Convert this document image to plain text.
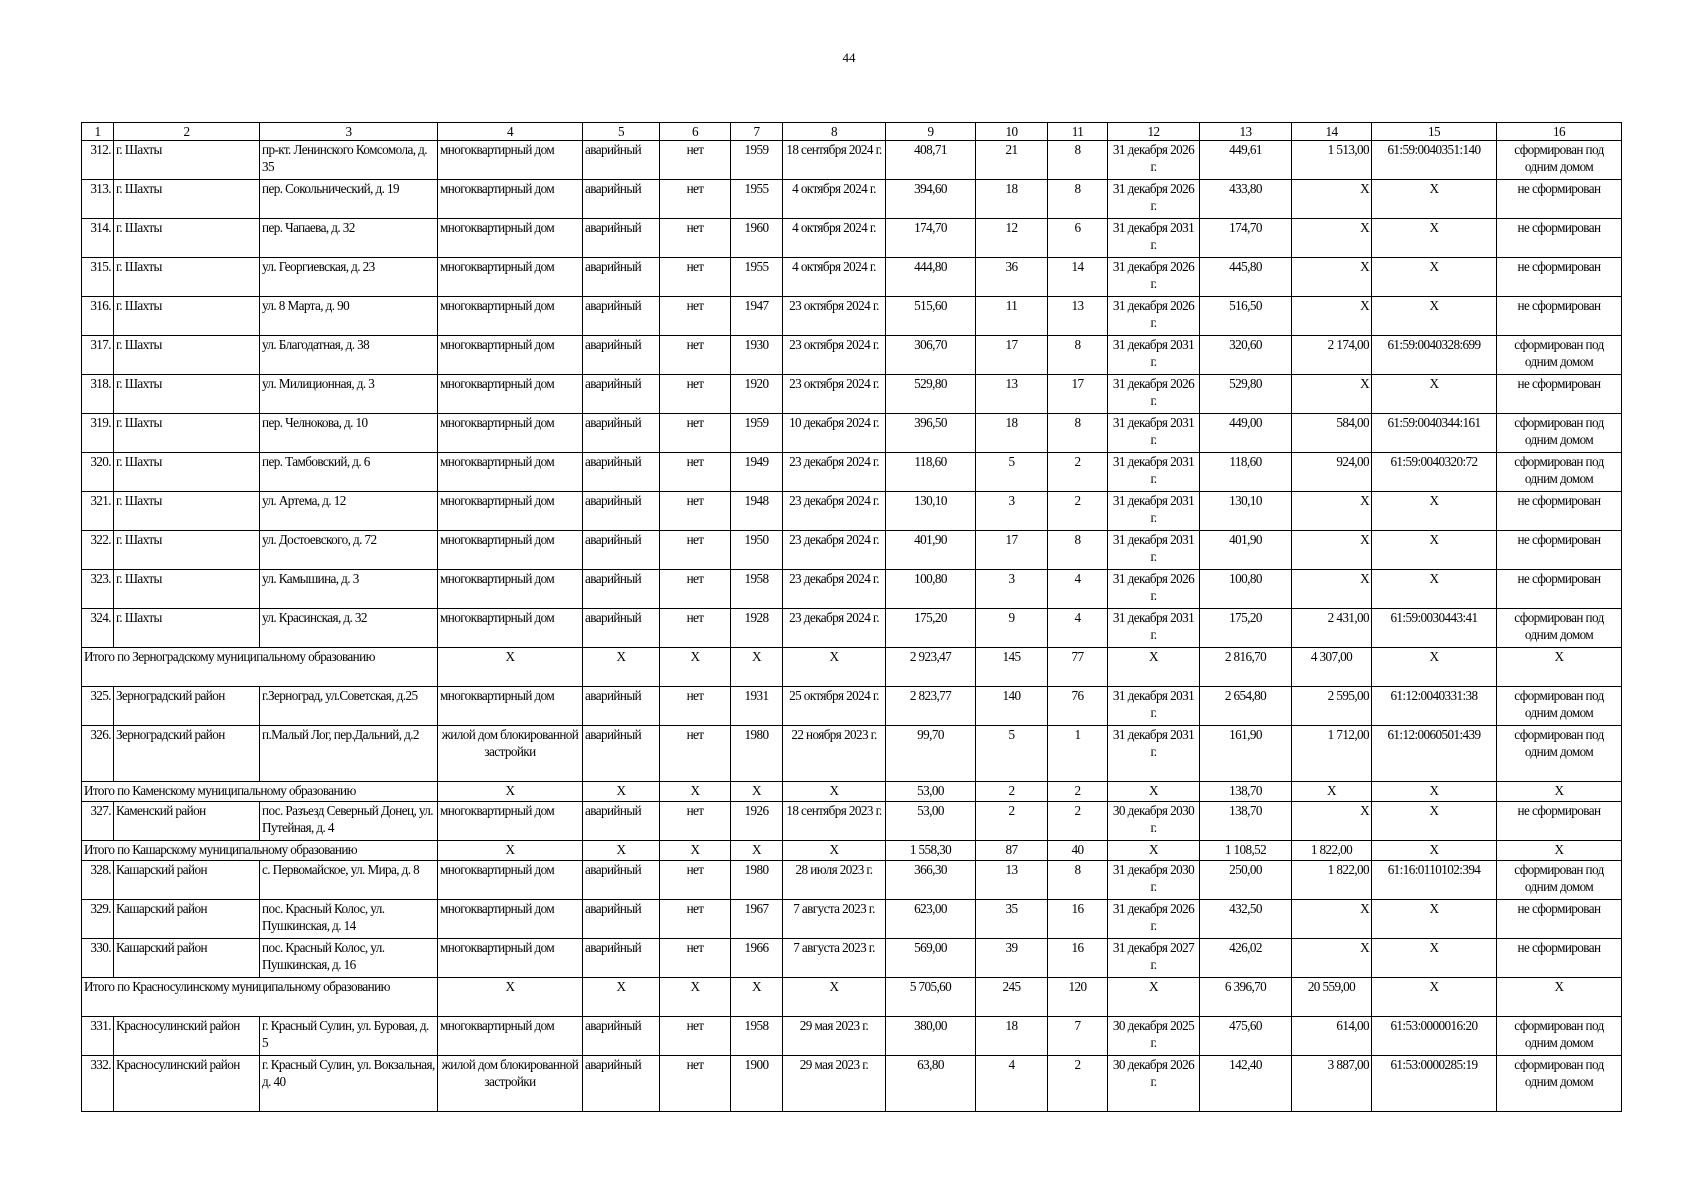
44
1	2	3	4	5	6	7	8	9	10	11	12	13	14	15	16
312.	г. Шахты	пр-кт. Ленинского Комсомола, д. 35	многоквартирный дом	аварийный	нет	1959	18 сентября 2024 г.	408,71	21	8	31 декабря 2026 г.	449,61	1 513,00	61:59:0040351:140	сформирован под одним домом
313.	г. Шахты	пер. Сокольнический, д. 19	многоквартирный дом	аварийный	нет	1955	4 октября 2024 г.	394,60	18	8	31 декабря 2026 г.	433,80	Х	Х	не сформирован
314.	г. Шахты	пер. Чапаева, д. 32	многоквартирный дом	аварийный	нет	1960	4 октября 2024 г.	174,70	12	6	31 декабря 2031 г.	174,70	Х	Х	не сформирован
315.	г. Шахты	ул. Георгиевская, д. 23	многоквартирный дом	аварийный	нет	1955	4 октября 2024 г.	444,80	36	14	31 декабря 2026 г.	445,80	Х	Х	не сформирован
316.	г. Шахты	ул. 8 Марта, д. 90	многоквартирный дом	аварийный	нет	1947	23 октября 2024 г.	515,60	11	13	31 декабря 2026 г.	516,50	Х	Х	не сформирован
317.	г. Шахты	ул. Благодатная, д. 38	многоквартирный дом	аварийный	нет	1930	23 октября 2024 г.	306,70	17	8	31 декабря 2031 г.	320,60	2 174,00	61:59:0040328:699	сформирован под одним домом
318.	г. Шахты	ул. Милиционная, д. 3	многоквартирный дом	аварийный	нет	1920	23 октября 2024 г.	529,80	13	17	31 декабря 2026 г.	529,80	Х	Х	не сформирован
319.	г. Шахты	пер. Челнокова, д. 10	многоквартирный дом	аварийный	нет	1959	10 декабря 2024 г.	396,50	18	8	31 декабря 2031 г.	449,00	584,00	61:59:0040344:161	сформирован под одним домом
320.	г. Шахты	пер. Тамбовский, д. 6	многоквартирный дом	аварийный	нет	1949	23 декабря 2024 г.	118,60	5	2	31 декабря 2031 г.	118,60	924,00	61:59:0040320:72	сформирован под одним домом
321.	г. Шахты	ул. Артема, д. 12	многоквартирный дом	аварийный	нет	1948	23 декабря 2024 г.	130,10	3	2	31 декабря 2031 г.	130,10	Х	Х	не сформирован
322.	г. Шахты	ул. Достоевского, д. 72	многоквартирный дом	аварийный	нет	1950	23 декабря 2024 г.	401,90	17	8	31 декабря 2031 г.	401,90	Х	Х	не сформирован
323.	г. Шахты	ул. Камышина, д. 3	многоквартирный дом	аварийный	нет	1958	23 декабря 2024 г.	100,80	3	4	31 декабря 2026 г.	100,80	Х	Х	не сформирован
324.	г. Шахты	ул. Красинская, д. 32	многоквартирный дом	аварийный	нет	1928	23 декабря 2024 г.	175,20	9	4	31 декабря 2031 г.	175,20	2 431,00	61:59:0030443:41	сформирован под одним домом
Итого по Зерноградскому муниципальному образованию			Х	Х	Х	Х	Х	2 923,47	145	77	Х	2 816,70	4 307,00	Х	Х
325.	Зерноградский район	г.Зерноград, ул.Советская, д.25	многоквартирный дом	аварийный	нет	1931	25 октября 2024 г.	2 823,77	140	76	31 декабря 2031 г.	2 654,80	2 595,00	61:12:0040331:38	сформирован под одним домом
326.	Зерноградский район	п.Малый Лог, пер.Дальний, д.2	жилой дом блокированной застройки	аварийный	нет	1980	22 ноября 2023 г.	99,70	5	1	31 декабря 2031 г.	161,90	1 712,00	61:12:0060501:439	сформирован под одним домом
Итого по Каменскому муниципальному образованию			Х	Х	Х	Х	Х	53,00	2	2	Х	138,70	Х	Х	Х
327.	Каменский район	пос. Разъезд Северный Донец, ул. Путейная, д. 4	многоквартирный дом	аварийный	нет	1926	18 сентября 2023 г.	53,00	2	2	30 декабря 2030 г.	138,70	Х	Х	не сформирован
Итого по Кашарскому муниципальному образованию			Х	Х	Х	Х	Х	1 558,30	87	40	Х	1 108,52	1 822,00	Х	Х
328.	Кашарский район	с. Первомайское, ул. Мира, д. 8	многоквартирный дом	аварийный	нет	1980	28 июля 2023 г.	366,30	13	8	31 декабря 2030 г.	250,00	1 822,00	61:16:0110102:394	сформирован под одним домом
329.	Кашарский район	пос. Красный Колос, ул. Пушкинская, д. 14	многоквартирный дом	аварийный	нет	1967	7 августа 2023 г.	623,00	35	16	31 декабря 2026 г.	432,50	Х	Х	не сформирован
330.	Кашарский район	пос. Красный Колос, ул. Пушкинская, д. 16	многоквартирный дом	аварийный	нет	1966	7 августа 2023 г.	569,00	39	16	31 декабря 2027 г.	426,02	Х	Х	не сформирован
Итого по Красносулинскому муниципальному образованию			Х	Х	Х	Х	Х	5 705,60	245	120	Х	6 396,70	20 559,00	Х	Х
331.	Красносулинский район	г. Красный Сулин, ул. Буровая, д. 5	многоквартирный дом	аварийный	нет	1958	29 мая 2023 г.	380,00	18	7	30 декабря 2025 г.	475,60	614,00	61:53:0000016:20	сформирован под одним домом
332.	Красносулинский район	г. Красный Сулин, ул. Вокзальная, д. 40	жилой дом блокированной застройки	аварийный	нет	1900	29 мая 2023 г.	63,80	4	2	30 декабря 2026 г.	142,40	3 887,00	61:53:0000285:19	сформирован под одним домом
